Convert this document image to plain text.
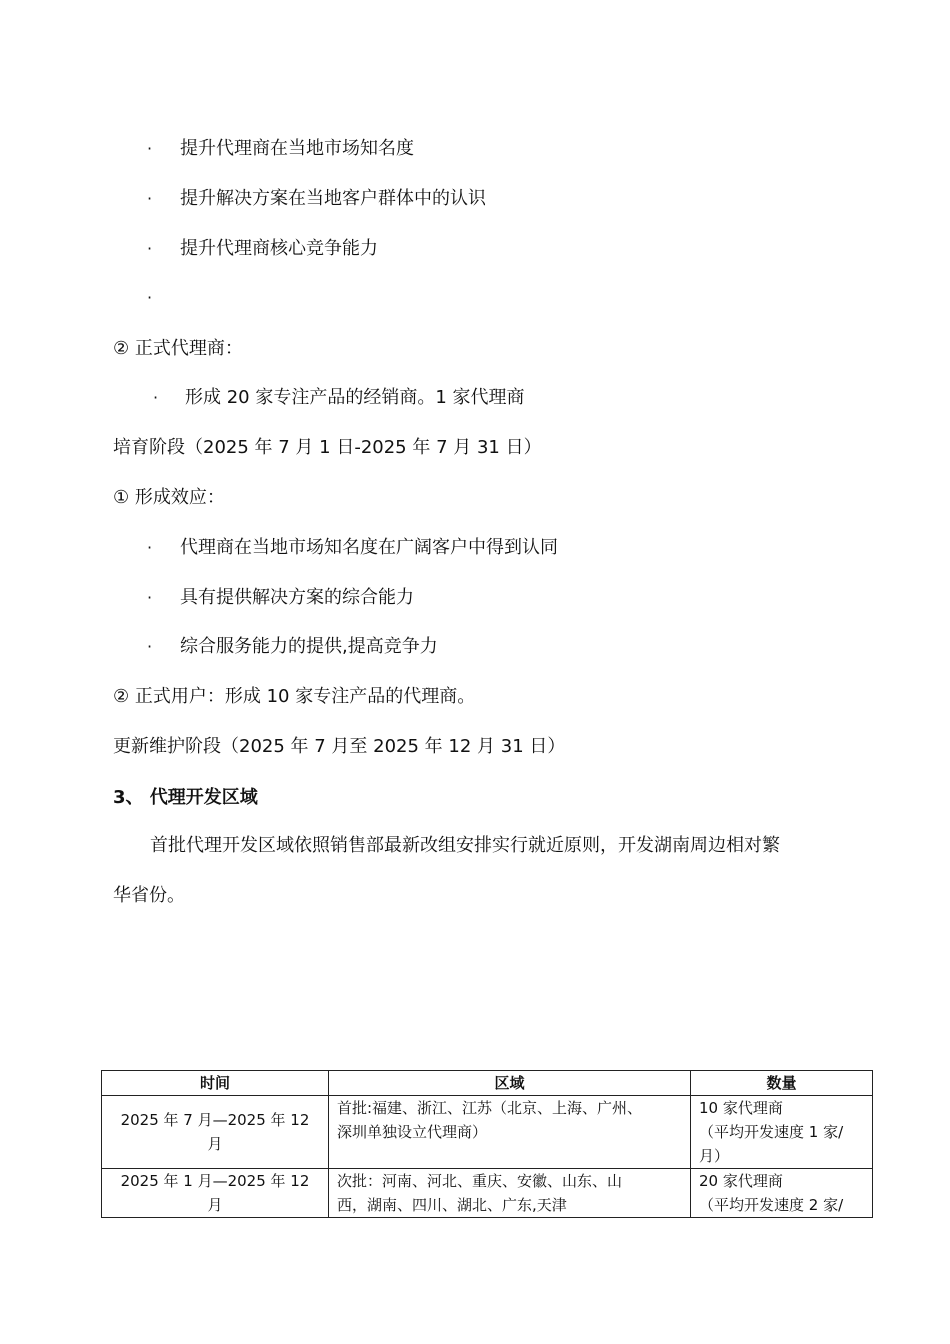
· 提升代理商在当地市场知名度
· 提升解决方案在当地客户群体中的认识
· 提升代理商核心竞争能力
·
② 正式代理商：
· 形成 20 家专注产品的经销商。1 家代理商
培育阶段（2025 年 7 月 1 日-2025 年 7 月 31 日）
① 形成效应：
· 代理商在当地市场知名度在广阔客户中得到认同
· 具有提供解决方案的综合能力
· 综合服务能力的提供,提高竞争力
② 正式用户：形成 10 家专注产品的代理商。
更新维护阶段（2025 年 7 月至 2025 年 12 月 31 日）
3、 代理开发区域
首批代理开发区域依照销售部最新改组安排实行就近原则，开发湖南周边相对繁
华省份。
时间	区域	数量

2025 年 7 月—2025 年 12
月	首批:福建、浙江、江苏（北京、上海、广州、
深圳单独设立代理商）	10 家代理商
（平均开发速度 1 家/
月）

2025 年 1 月—2025 年 12
月	次批：河南、河北、重庆、安徽、山东、山
西，湖南、四川、湖北、广东,天津	20 家代理商
（平均开发速度 2 家/
